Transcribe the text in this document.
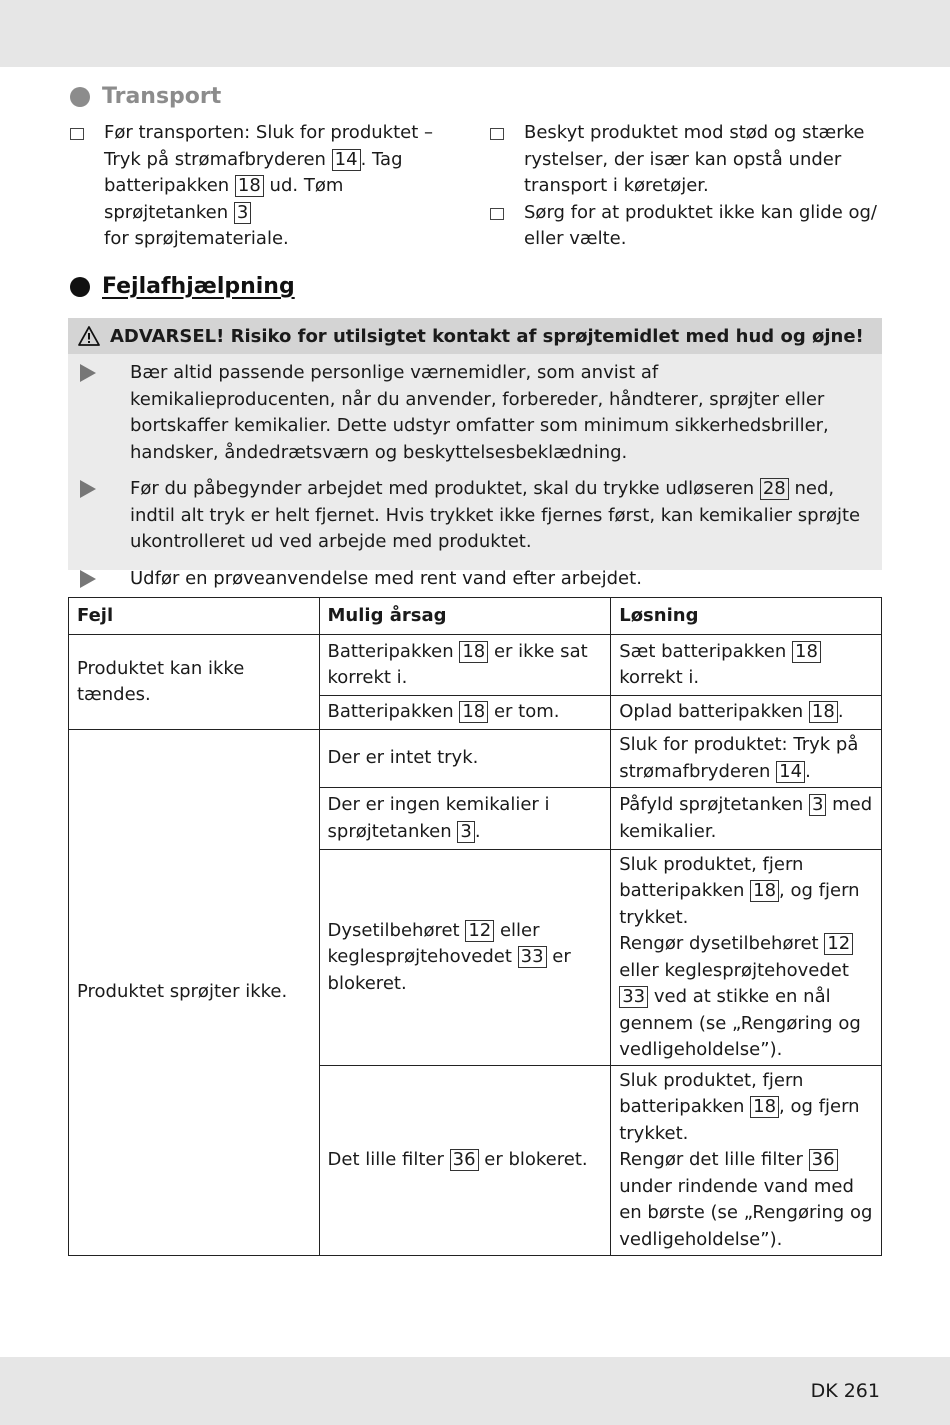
Transport
Før transporten: Sluk for produktet –
Tryk på strømafbryderen 14 . Tag
batteripakken 18 ud. Tøm sprøjtetanken 3
for sprøjtemateriale.
Beskyt produktet mod stød og stærke rystelser, der især kan opstå under transport i køretøjer.
Sørg for at produktet ikke kan glide og/ eller vælte.
Fejlafhjælpning
ADVARSEL! Risiko for utilsigtet kontakt af sprøjtemidlet med hud og øjne!
Bær altid passende personlige værnemidler, som anvist af kemikalieproducenten, når du anvender, forbereder, håndterer, sprøjter eller bortskaffer kemikalier. Dette udstyr omfatter som minimum sikkerhedsbriller, handsker, åndedrætsværn og beskyttelsesbeklædning.
Før du påbegynder arbejdet med produktet, skal du trykke udløseren 28 ned, indtil alt tryk er helt fjernet. Hvis trykket ikke fjernes først, kan kemikalier sprøjte ukontrolleret ud ved arbejde med produktet.
Udfør en prøveanvendelse med rent vand efter arbejdet.
Fejl	Mulig årsag	Løsning
Produktet kan ikke tændes.	Batteripakken 18 er ikke sat korrekt i.	Sæt batteripakken 18 korrekt i.
	Batteripakken 18 er tom.	Oplad batteripakken 18 .
Produktet sprøjter ikke.	Der er intet tryk.	Sluk for produktet: Tryk på strømafbryderen 14 .
	Der er ingen kemikalier i sprøjtetanken 3 .	Påfyld sprøjtetanken 3 med kemikalier.
	Dysetilbehøret 12 eller keglesprøjtehovedet 33 er blokeret.	Sluk produktet, fjern batteripakken 18 , og fjern trykket.
Rengør dysetilbehøret 12 eller keglesprøjtehovedet 33 ved at stikke en nål gennem (se „Rengøring og vedligeholdelse”).
	Det lille filter 36 er blokeret.	Sluk produktet, fjern batteripakken 18 , og fjern trykket.
Rengør det lille filter 36 under rindende vand med en børste (se „Rengøring og vedligeholdelse”).
DK 261
